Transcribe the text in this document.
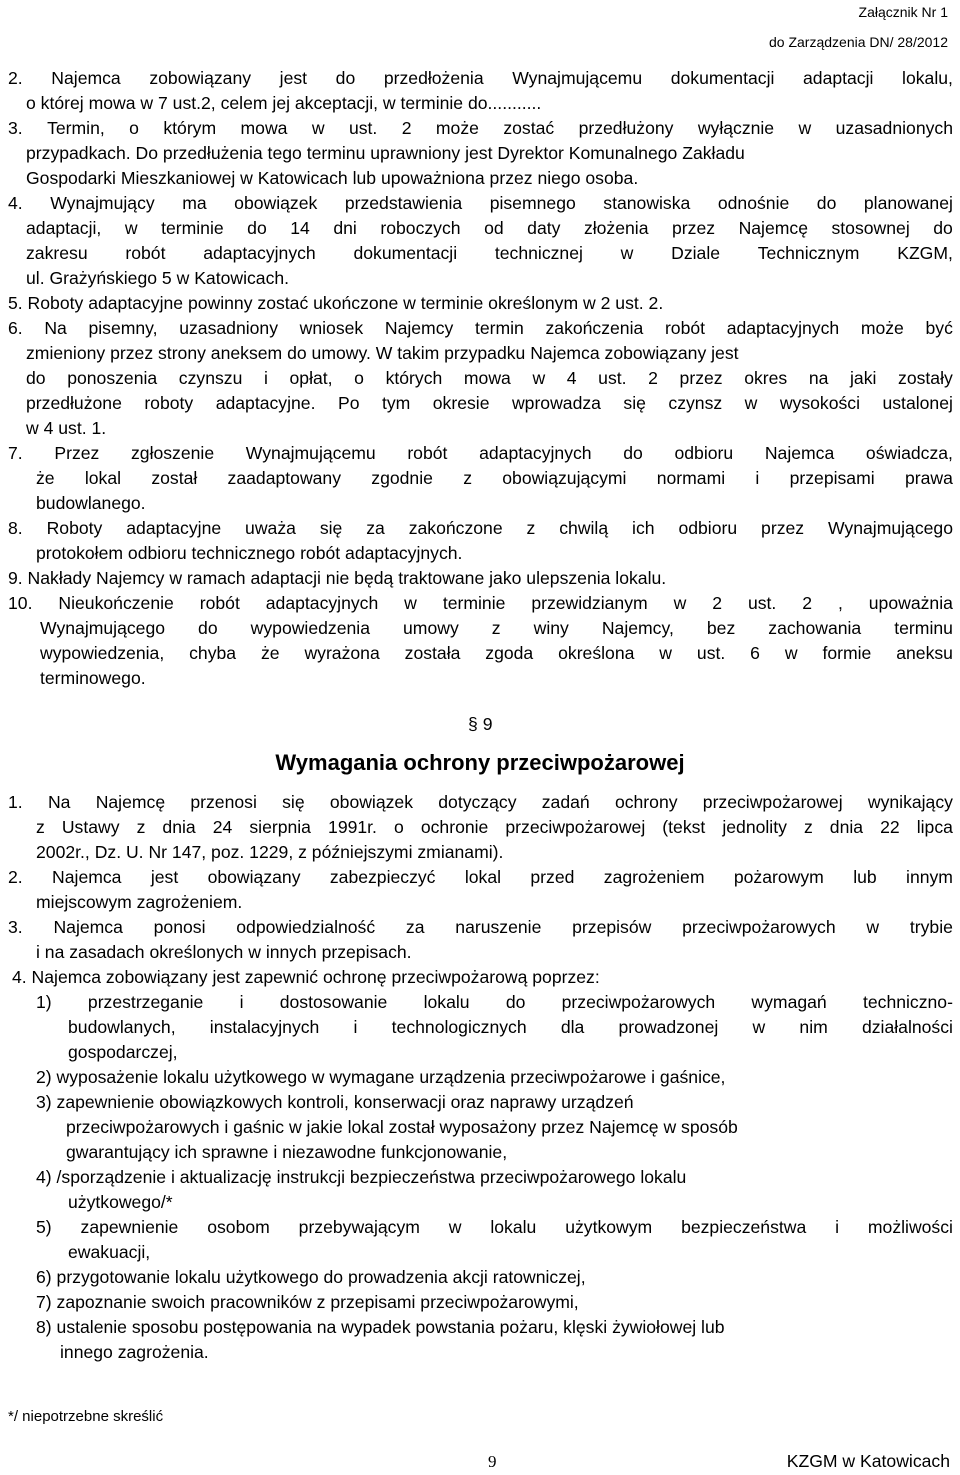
Załącznik Nr 1
do Zarządzenia DN/ 28/2012
2. Najemca zobowiązany jest do przedłożenia Wynajmującemu dokumentacji adaptacji lokalu,
o której mowa w 7 ust.2, celem jej akceptacji, w terminie do...........
3. Termin, o którym mowa w ust. 2 może zostać przedłużony wyłącznie w uzasadnionych
przypadkach. Do przedłużenia tego terminu uprawniony jest Dyrektor Komunalnego Zakładu
Gospodarki Mieszkaniowej w Katowicach lub upoważniona przez niego osoba.
4. Wynajmujący ma obowiązek przedstawienia pisemnego stanowiska odnośnie do planowanej
adaptacji, w terminie do 14 dni roboczych od daty złożenia przez Najemcę stosownej do
zakresu robót adaptacyjnych dokumentacji technicznej w Dziale Technicznym KZGM,
ul. Grażyńskiego 5 w Katowicach.
5. Roboty adaptacyjne powinny zostać ukończone w terminie określonym w 2 ust. 2.
6. Na pisemny, uzasadniony wniosek Najemcy termin zakończenia robót adaptacyjnych może być
zmieniony przez strony aneksem do umowy. W takim przypadku Najemca zobowiązany jest
do ponoszenia czynszu i opłat, o których mowa w 4 ust. 2 przez okres na jaki zostały
przedłużone roboty adaptacyjne. Po tym okresie wprowadza się czynsz w wysokości ustalonej
w 4 ust. 1.
7. Przez zgłoszenie Wynajmującemu robót adaptacyjnych do odbioru Najemca oświadcza,
że lokal został zaadaptowany zgodnie z obowiązującymi normami i przepisami prawa
budowlanego.
8. Roboty adaptacyjne uważa się za zakończone z chwilą ich odbioru przez Wynajmującego
protokołem odbioru technicznego robót adaptacyjnych.
9. Nakłady Najemcy w ramach adaptacji nie będą traktowane jako ulepszenia lokalu.
10. Nieukończenie robót adaptacyjnych w terminie przewidzianym w 2 ust. 2 , upoważnia
Wynajmującego do wypowiedzenia umowy z winy Najemcy, bez zachowania terminu
wypowiedzenia, chyba że wyrażona została zgoda określona w ust. 6 w formie aneksu
terminowego.
1. Na Najemcę przenosi się obowiązek dotyczący zadań ochrony przeciwpożarowej wynikający
z Ustawy z dnia 24 sierpnia 1991r. o ochronie przeciwpożarowej (tekst jednolity z dnia 22 lipca
2002r., Dz. U. Nr 147, poz. 1229, z późniejszymi zmianami).
2. Najemca jest obowiązany zabezpieczyć lokal przed zagrożeniem pożarowym lub innym
miejscowym zagrożeniem.
3. Najemca ponosi odpowiedzialność za naruszenie przepisów przeciwpożarowych w trybie
i na zasadach określonych w innych przepisach.
4. Najemca zobowiązany jest zapewnić ochronę przeciwpożarową poprzez:
1) przestrzeganie i dostosowanie lokalu do przeciwpożarowych wymagań techniczno-
budowlanych, instalacyjnych i technologicznych dla prowadzonej w nim działalności
gospodarczej,
2) wyposażenie lokalu użytkowego w wymagane urządzenia przeciwpożarowe i gaśnice,
3) zapewnienie obowiązkowych kontroli, konserwacji oraz naprawy urządzeń
przeciwpożarowych i gaśnic w jakie lokal został wyposażony przez Najemcę w sposób
gwarantujący ich sprawne i niezawodne funkcjonowanie,
4) /sporządzenie i aktualizację instrukcji bezpieczeństwa przeciwpożarowego lokalu
użytkowego/*
5) zapewnienie osobom przebywającym w lokalu użytkowym bezpieczeństwa i możliwości
ewakuacji,
6) przygotowanie lokalu użytkowego do prowadzenia akcji ratowniczej,
7) zapoznanie swoich pracowników z przepisami przeciwpożarowymi,
8) ustalenie sposobu postępowania na wypadek powstania pożaru, klęski żywiołowej lub
innego zagrożenia.
§ 9
Wymagania ochrony przeciwpożarowej
*/ niepotrzebne skreślić
9	KZGM w Katowicach
